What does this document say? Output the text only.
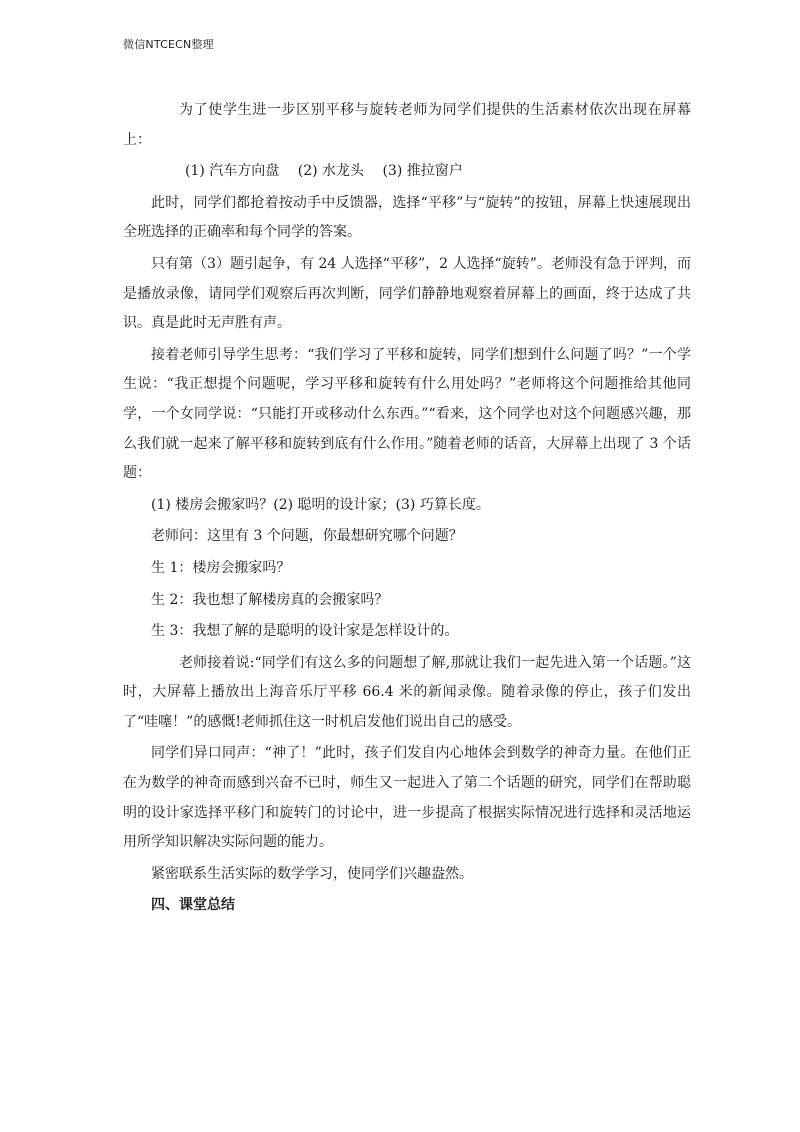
微信NTCECN整理

为了使学生进一步区别平移与旋转老师为同学们提供的生活素材依次出现在屏幕上：

(1) 汽车方向盘 (2) 水龙头 (3) 推拉窗户

此时，同学们都抢着按动手中反馈器，选择“平移”与“旋转”的按钮，屏幕上快速展现出全班选择的正确率和每个同学的答案。

只有第（3）题引起争，有 24 人选择“平移”，2 人选择“旋转”。老师没有急于评判，而是播放录像，请同学们观察后再次判断，同学们静静地观察着屏幕上的画面，终于达成了共识。真是此时无声胜有声。

接着老师引导学生思考：“我们学习了平移和旋转，同学们想到什么问题了吗？”一个学生说：“我正想提个问题呢，学习平移和旋转有什么用处吗？”老师将这个问题推给其他同学，一个女同学说：“只能打开或移动什么东西。”“看来，这个同学也对这个问题感兴趣，那么我们就一起来了解平移和旋转到底有什么作用。”随着老师的话音，大屏幕上出现了 3 个话题：

(1) 楼房会搬家吗？(2) 聪明的设计家；(3) 巧算长度。

老师问：这里有 3 个问题，你最想研究哪个问题？

生 1：楼房会搬家吗？

生 2：我也想了解楼房真的会搬家吗？

生 3：我想了解的是聪明的设计家是怎样设计的。

老师接着说:“同学们有这么多的问题想了解,那就让我们一起先进入第一个话题。”这时，大屏幕上播放出上海音乐厅平移 66.4 米的新闻录像。随着录像的停止，孩子们发出了“哇噻！”的感慨!老师抓住这一时机启发他们说出自己的感受。

同学们异口同声：“神了！”此时，孩子们发自内心地体会到数学的神奇力量。在他们正在为数学的神奇而感到兴奋不已时，师生又一起进入了第二个话题的研究，同学们在帮助聪明的设计家选择平移门和旋转门的讨论中，进一步提高了根据实际情况进行选择和灵活地运用所学知识解决实际问题的能力。

紧密联系生活实际的数学学习，使同学们兴趣盎然。

四、课堂总结
